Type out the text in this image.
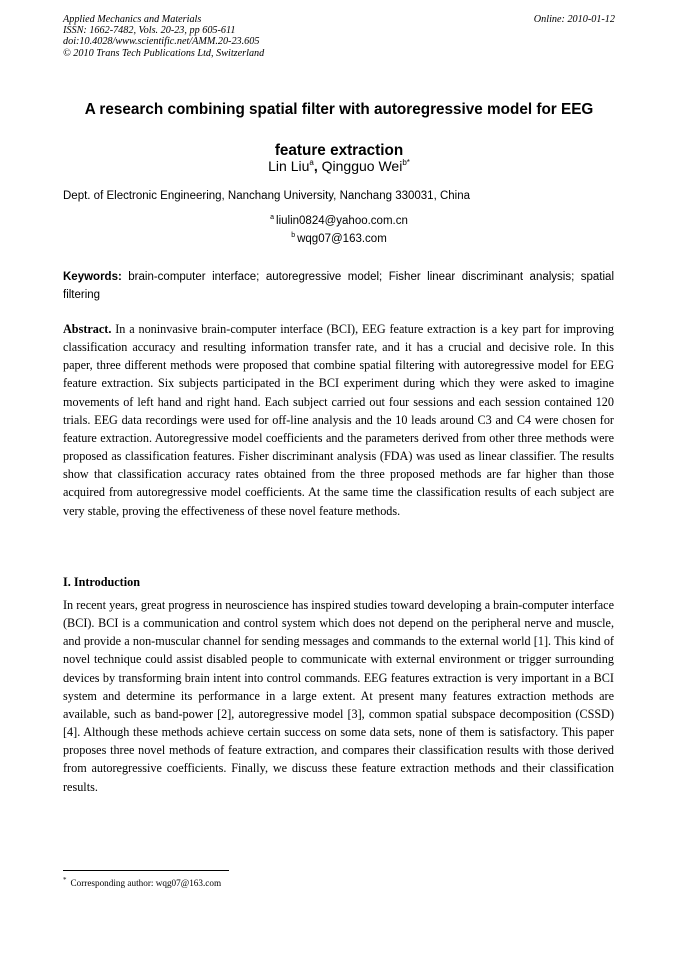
Applied Mechanics and Materials
ISSN: 1662-7482, Vols. 20-23, pp 605-611
doi:10.4028/www.scientific.net/AMM.20-23.605
© 2010 Trans Tech Publications Ltd, Switzerland
Online: 2010-01-12
A research combining spatial filter with autoregressive model for EEG
feature extraction
Lin Liu$^a$, Qingguo Wei$^{b*}$
Dept. of Electronic Engineering, Nanchang University, Nanchang 330031, China
$^a$ liulin0824@yahoo.com.cn
$^b$ wqg07@163.com
Keywords: brain-computer interface; autoregressive model; Fisher linear discriminant analysis; spatial filtering
Abstract. In a noninvasive brain-computer interface (BCI), EEG feature extraction is a key part for improving classification accuracy and resulting information transfer rate, and it has a crucial and decisive role. In this paper, three different methods were proposed that combine spatial filtering with autoregressive model for EEG feature extraction. Six subjects participated in the BCI experiment during which they were asked to imagine movements of left hand and right hand. Each subject carried out four sessions and each session contained 120 trials. EEG data recordings were used for off-line analysis and the 10 leads around C3 and C4 were chosen for feature extraction. Autoregressive model coefficients and the parameters derived from other three methods were proposed as classification features. Fisher discriminant analysis (FDA) was used as linear classifier. The results show that classification accuracy rates obtained from the three proposed methods are far higher than those acquired from autoregressive model coefficients. At the same time the classification results of each subject are very stable, proving the effectiveness of these novel feature methods.
I. Introduction
In recent years, great progress in neuroscience has inspired studies toward developing a brain-computer interface (BCI). BCI is a communication and control system which does not depend on the peripheral nerve and muscle, and provide a non-muscular channel for sending messages and commands to the external world [1]. This kind of novel technique could assist disabled people to communicate with external environment or trigger surrounding devices by transforming brain intent into control commands. EEG features extraction is very important in a BCI system and determine its performance in a large extent. At present many features extraction methods are available, such as band-power [2], autoregressive model [3], common spatial subspace decomposition (CSSD) [4]. Although these methods achieve certain success on some data sets, none of them is satisfactory. This paper proposes three novel methods of feature extraction, and compares their classification results with those derived from autoregressive coefficients. Finally, we discuss these feature extraction methods and their classification results.
* Corresponding author: wqg07@163.com
